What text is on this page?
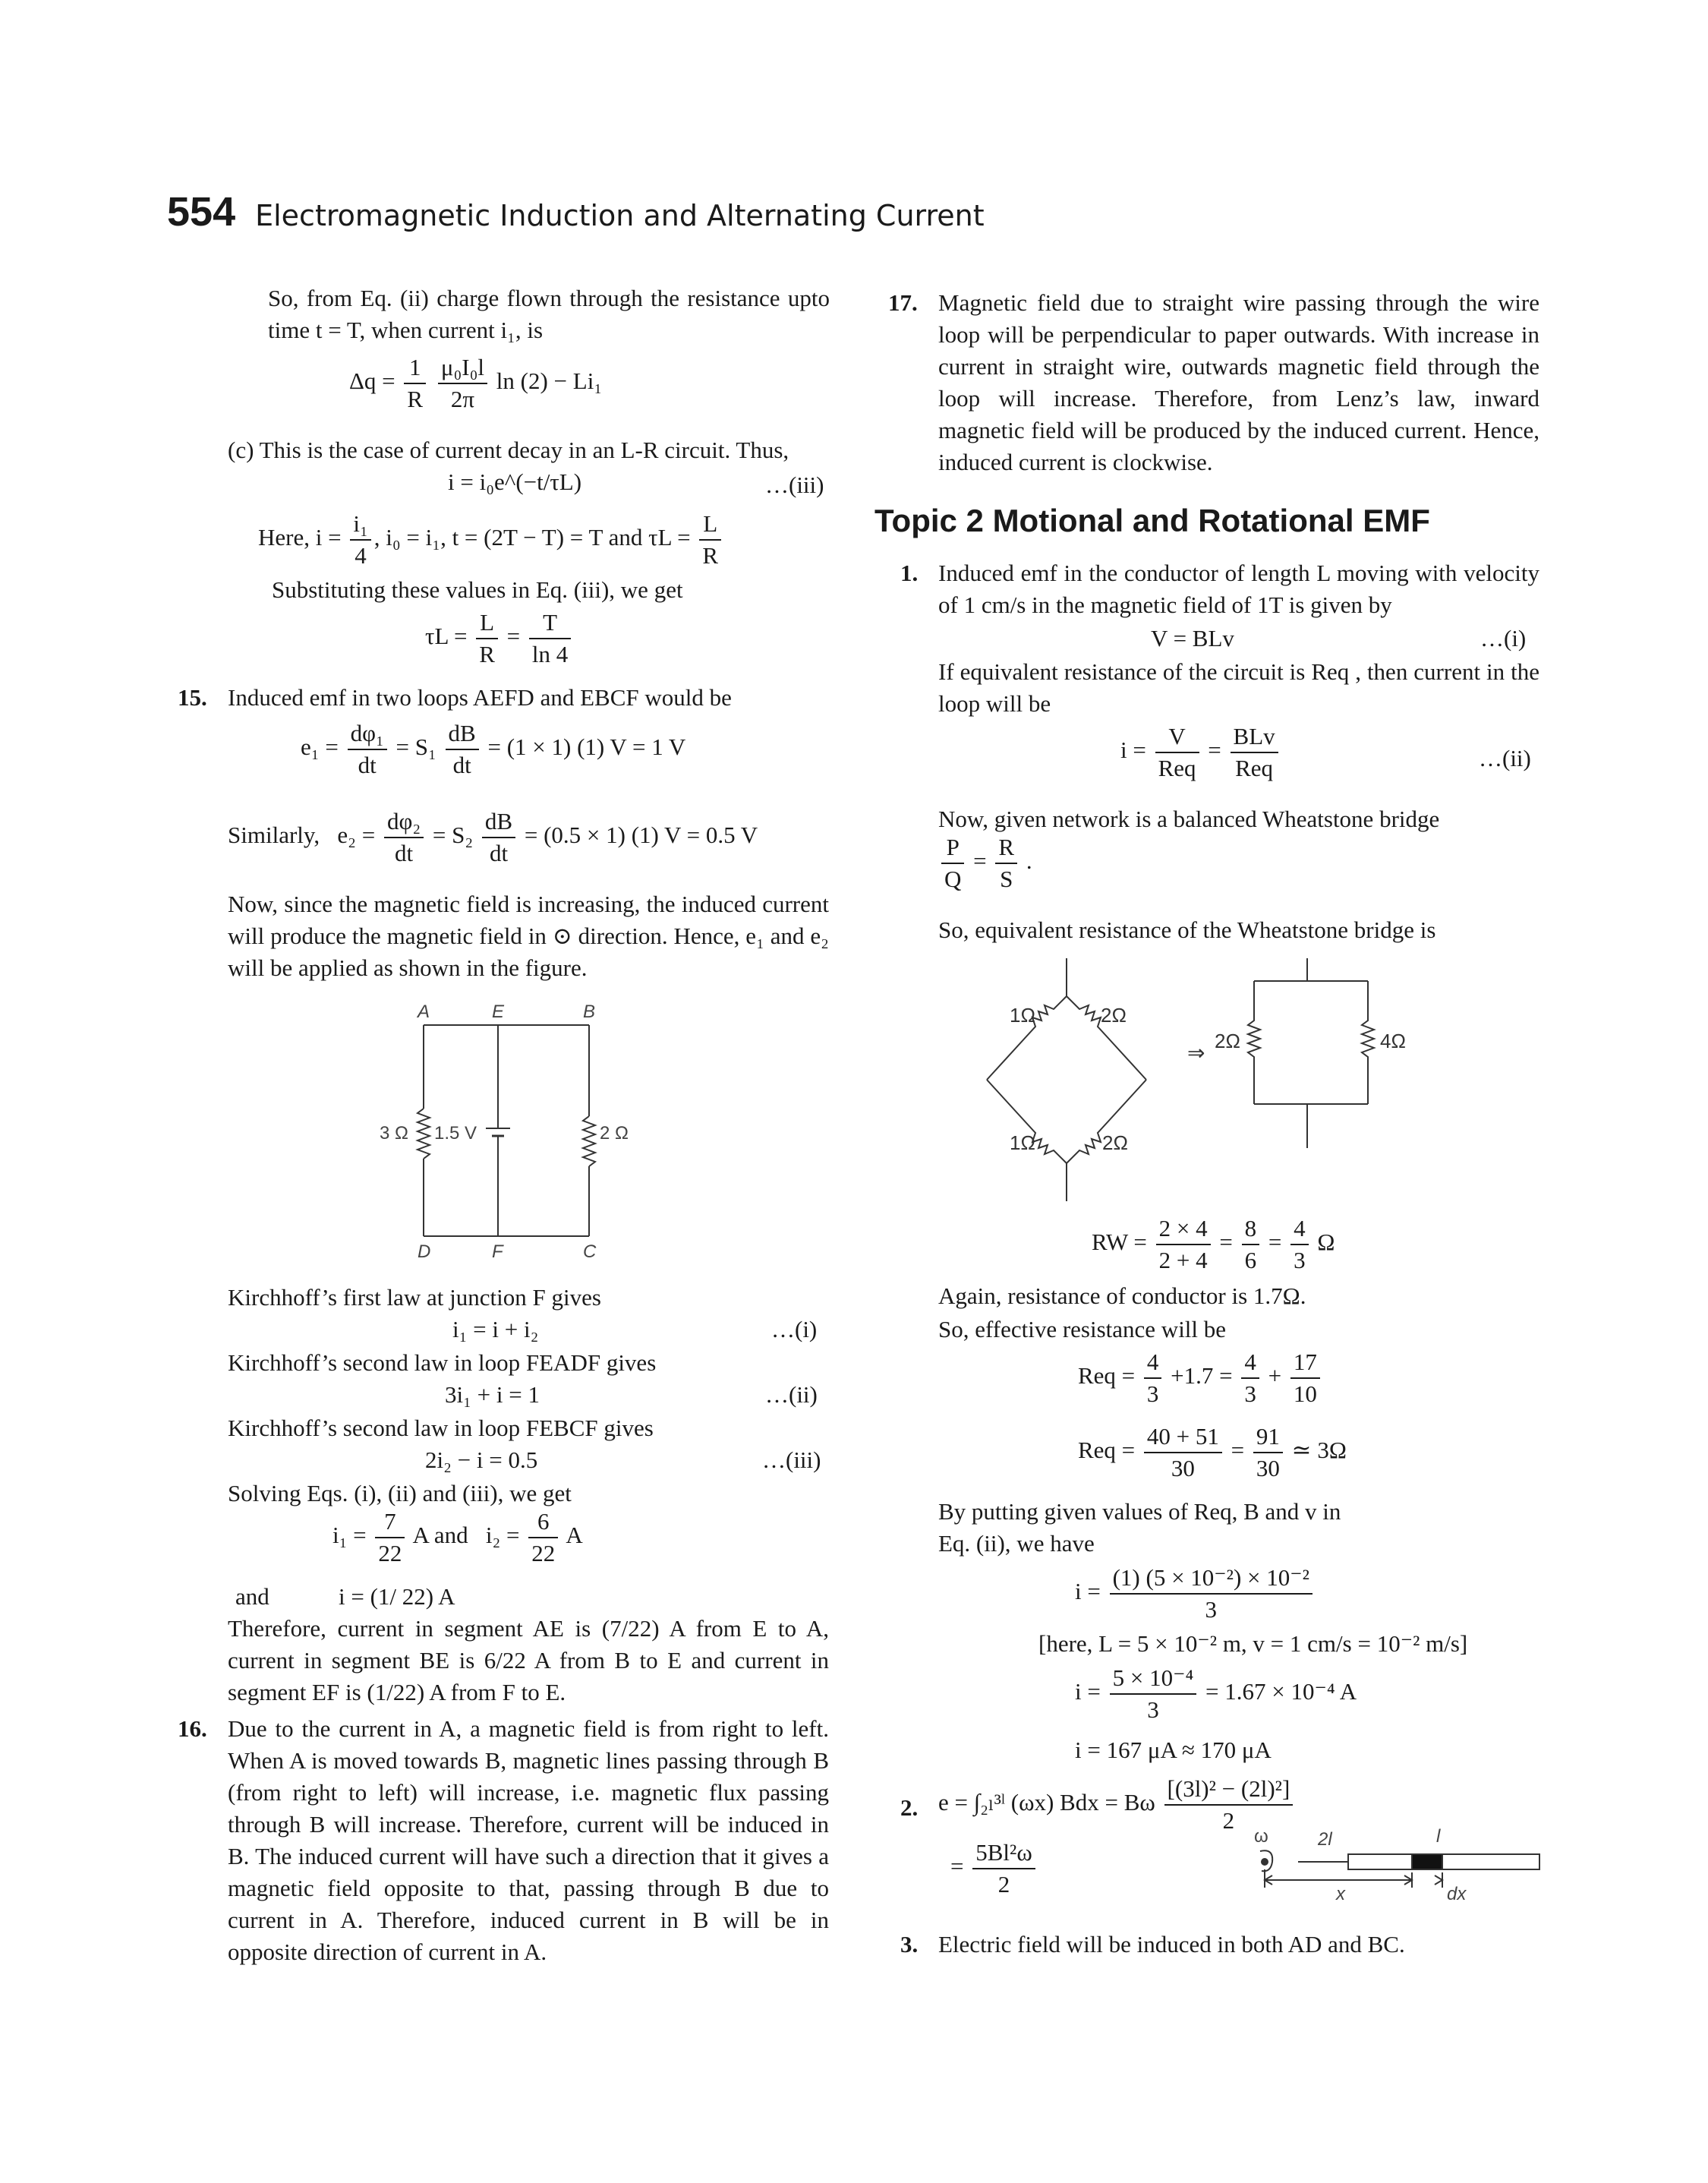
554 Electromagnetic Induction and Alternating Current
So, from Eq. (ii) charge flown through the resistance upto time t = T, when current i₁, is
$\Delta q = \frac{1}{R}$
$\frac{\text{μ₀I₀l}}{2\pi}$ ln (2) − Li₁
(c) This is the case of current decay in an L-R circuit. Thus,
i = i₀e^(−t/τL)	…(iii)
Here, $i = \frac{\text{i₁}}{4}$ , i₀ = i₁, t = (2T − T) = T and $\tau L = \frac{L}{R}$
Substituting these values in Eq. (iii), we get
$\tau L = \frac{L}{R} = \frac{T}{\ln 4}$
15. Induced emf in two loops AEFD and EBCF would be
$e_1 = \frac{\text{dφ₁}}{dt} = S_1 \frac{dB}{dt} = (1 \times 1)$ (1) V = 1 V
Similarly, $e_2 = \frac{\text{dφ₂}}{dt} = S_2 \frac{dB}{dt} = (0.5 \times 1)$ (1) V = 0.5 V
Now, since the magnetic field is increasing, the induced current will produce the magnetic field in ⊙ direction. Hence, e₁ and e₂ will be applied as shown in the figure.
A	E	B
D	F	C
3 Ω 1.5 V	2 Ω
Kirchhoff’s first law at junction F gives
i₁ = i + i₂	…(i)
Kirchhoff’s second law in loop FEADF gives
3i₁ + i = 1	…(ii)
Kirchhoff’s second law in loop FEBCF gives
2i₂ − i = 0.5	…(iii)
Solving Eqs. (i), (ii) and (iii), we get
$i_1 = \frac{7}{22}$ A and $i_2 = \frac{6}{22}$ A
and	i = (1/ 22) A
Therefore, current in segment AE is (7/22) A from E to A, current in segment BE is 6/22 A from B to E and current in segment EF is (1/22) A from F to E.
16. Due to the current in A, a magnetic field is from right to left. When A is moved towards B, magnetic lines passing through B (from right to left) will increase, i.e. magnetic flux passing through B will increase. Therefore, current will be induced in B. The induced current will have such a direction that it gives a magnetic field opposite to that, passing through B due to current in A. Therefore, induced current in B will be in opposite direction of current in A.
17. Magnetic field due to straight wire passing through the wire loop will be perpendicular to paper outwards. With increase in current in straight wire, outwards magnetic field through the loop will increase. Therefore, from Lenz’s law, inward magnetic field will be produced by the induced current. Hence, induced current is clockwise.
Topic 2 Motional and Rotational EMF
1. Induced emf in the conductor of length L moving with velocity of 1 cm/s in the magnetic field of 1T is given by
V = BLv	…(i)
If equivalent resistance of the circuit is Req , then current in the loop will be
$i = \frac{V}{\text{Req}} = \frac{\text{BLv}}{\text{Req}}$	…(ii)
Now, given network is a balanced Wheatstone bridge
$\frac{P}{Q} = \frac{R}{S}$ .
So, equivalent resistance of the Wheatstone bridge is
1Ω	2Ω
1Ω	2Ω
⇒ 2Ω	4Ω
RW = $\frac{2 \times 4}{2 + 4} = \frac{8}{6} = \frac{4}{3}$ Ω
Again, resistance of conductor is 1.7Ω.
So, effective resistance will be
Req = $\frac{4}{3} +1.7 = \frac{4}{3} + \frac{17}{10}$
Req = $\frac{40 + 51}{30} = \frac{91}{30}$ ≃ 3Ω
By putting given values of Req, B and v in Eq. (ii), we have
$i = \frac{\text{(1) (5 × 10⁻²) × 10⁻²}}{3}$
[here, L = 5 × 10⁻² m, v = 1 cm/s = 10⁻² m/s]
$i = \frac{\text{5 × 10⁻⁴}}{3} = 1.67 \times 10^{-4}$ A
i = 167 μA ≈ 170 μA
2. e = ∫₂ₗ³ˡ (ωx) Bdx = Bω $\frac{\text{[(3l)² − (2l)²]}}{2}$
= $\frac{\text{5Bl²ω}}{2}$
ω	2l	l
x	dx
3. Electric field will be induced in both AD and BC.
